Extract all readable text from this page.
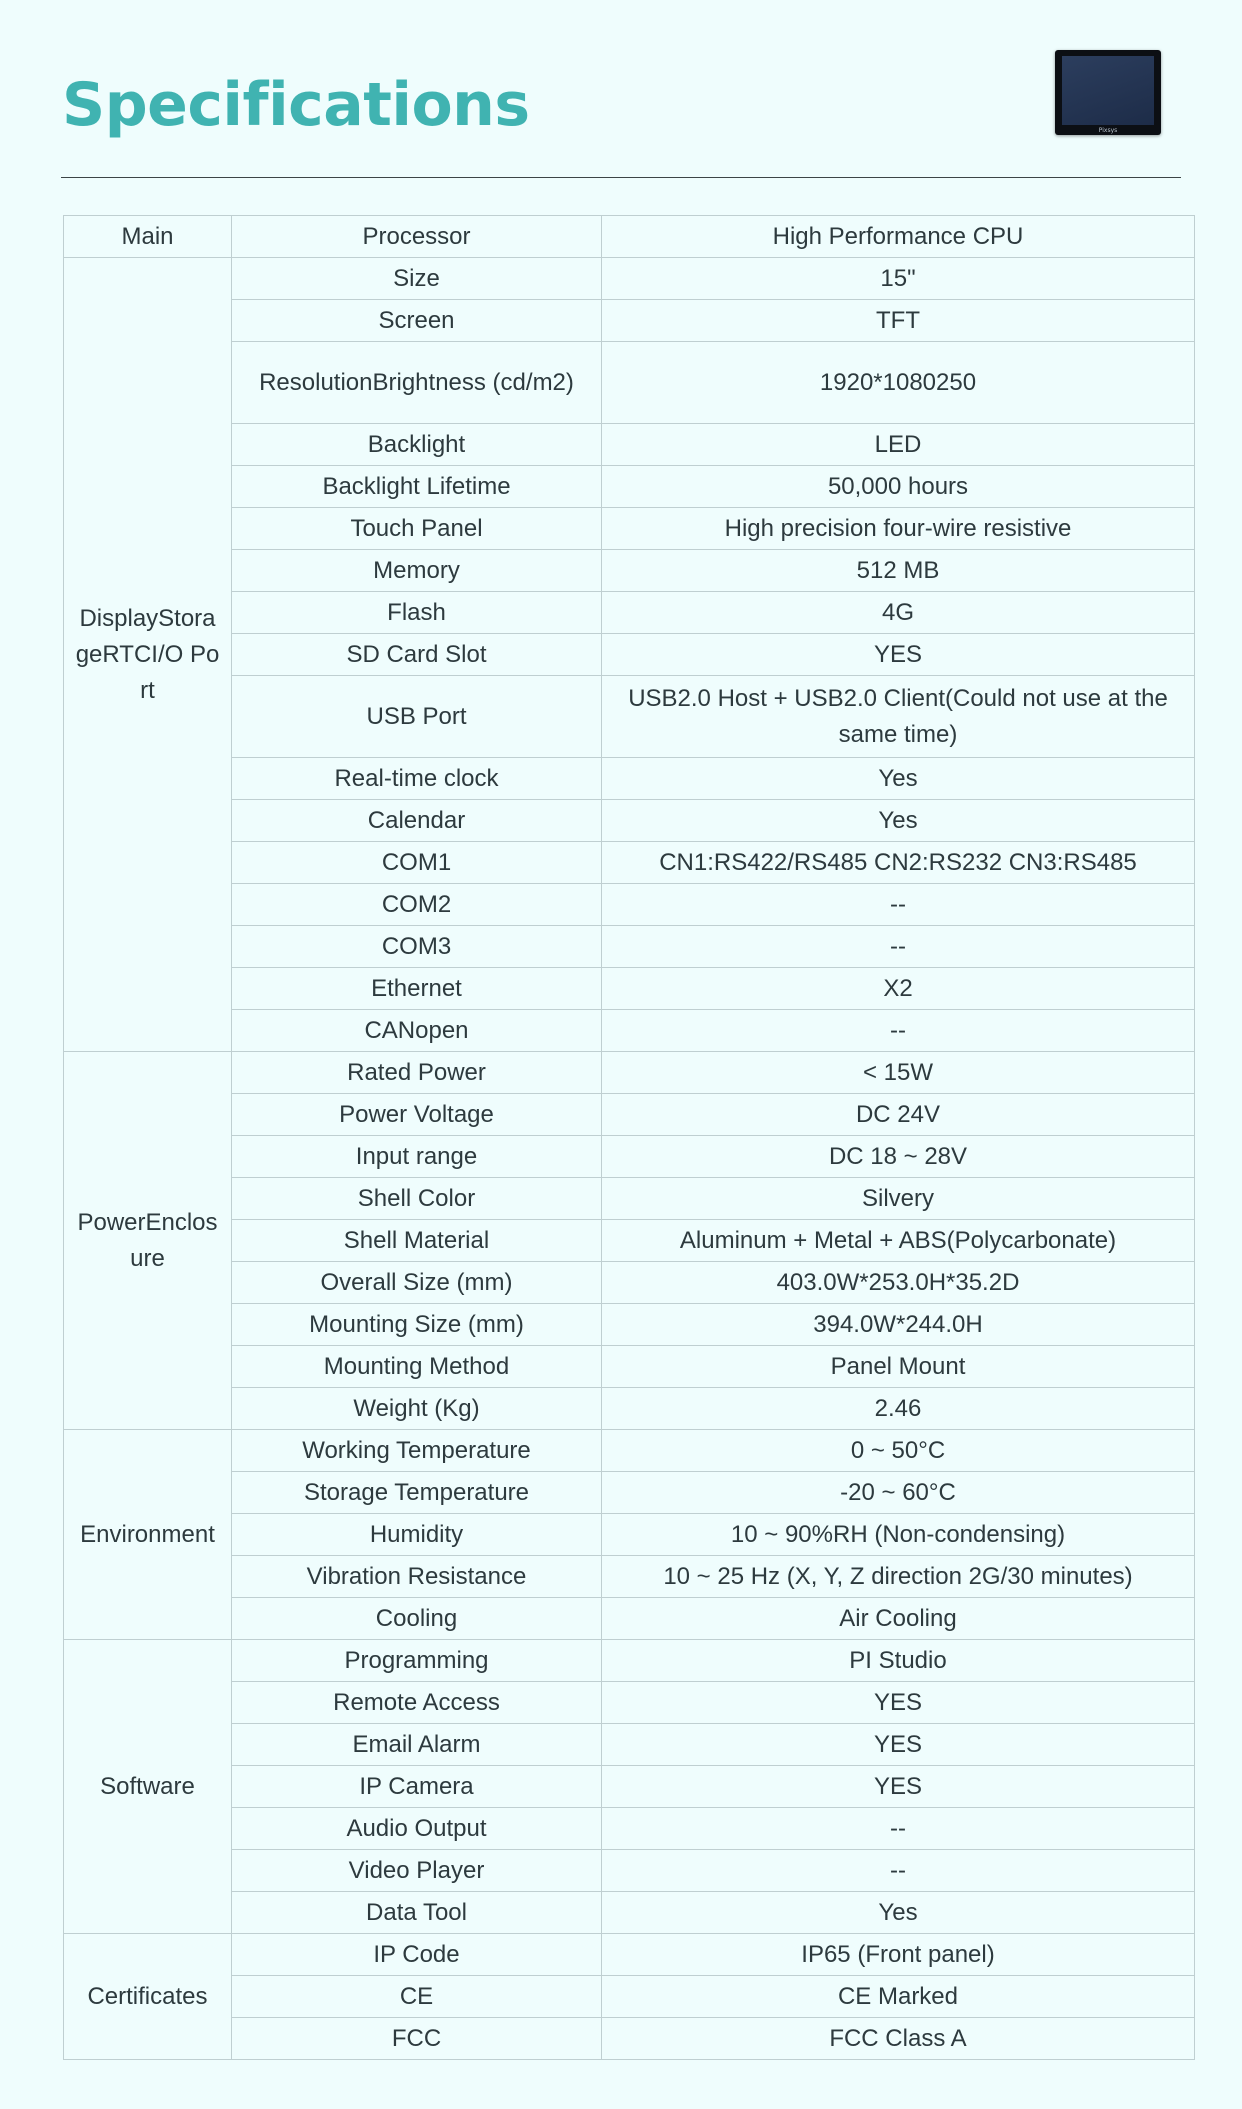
Specifications	Pixsys
Main	Processor	High Performance CPU
DisplayStora geRTCI/O Port	Size	15"
	Screen	TFT
	ResolutionBrightness (cd/m2)	1920*1080250
	Backlight	LED
	Backlight Lifetime	50,000 hours
	Touch Panel	High precision four-wire resistive
	Memory	512 MB
	Flash	4G
	SD Card Slot	YES
	USB Port	USB2.0 Host + USB2.0 Client(Could not use at the same time)
	Real-time clock	Yes
	Calendar	Yes
	COM1	CN1:RS422/RS485 CN2:RS232 CN3:RS485
	COM2	--
	COM3	--
	Ethernet	X2
	CANopen	--
PowerEnclos ure	Rated Power	< 15W
	Power Voltage	DC 24V
	Input range	DC 18 ~ 28V
	Shell Color	Silvery
	Shell Material	Aluminum + Metal + ABS(Polycarbonate)
	Overall Size (mm)	403.0W*253.0H*35.2D
	Mounting Size (mm)	394.0W*244.0H
	Mounting Method	Panel Mount
	Weight (Kg)	2.46
Environment	Working Temperature	0 ~ 50°C
	Storage Temperature	-20 ~ 60°C
	Humidity	10 ~ 90%RH (Non-condensing)
	Vibration Resistance	10 ~ 25 Hz (X, Y, Z direction 2G/30 minutes)
	Cooling	Air Cooling
Software	Programming	PI Studio
	Remote Access	YES
	Email Alarm	YES
	IP Camera	YES
	Audio Output	--
	Video Player	--
	Data Tool	Yes
Certificates	IP Code	IP65 (Front panel)
	CE	CE Marked
	FCC	FCC Class A
